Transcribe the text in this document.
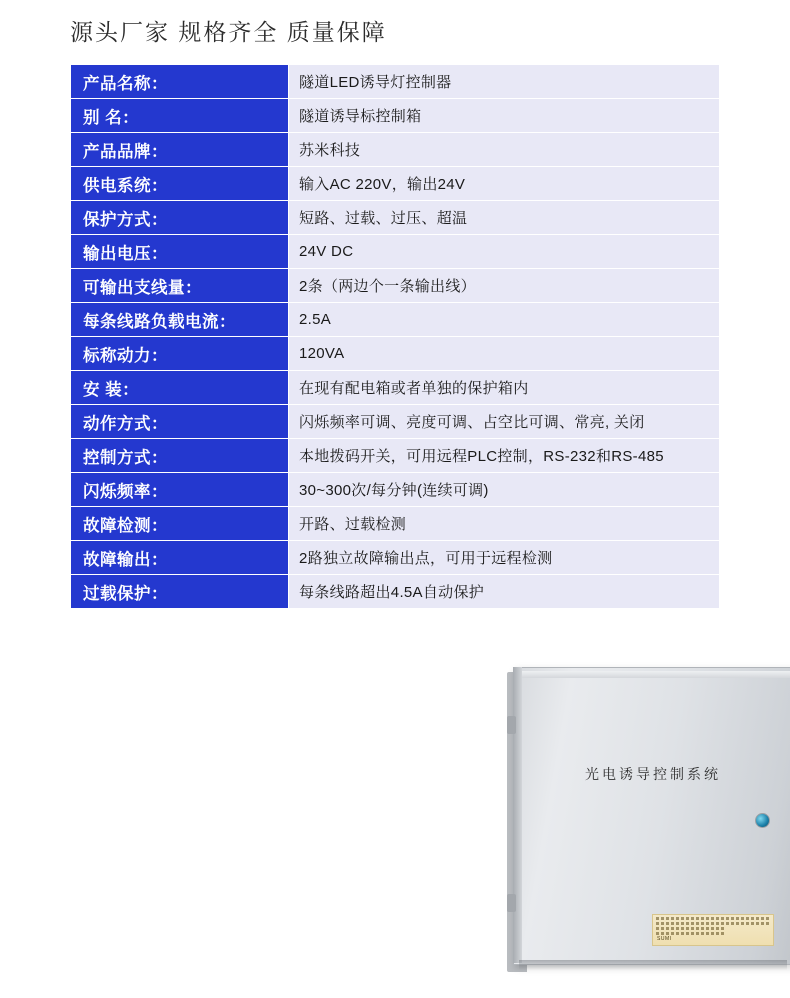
源头厂家 规格齐全 质量保障
产品名称：	隧道LED诱导灯控制器
别 名：	隧道诱导标控制箱
产品品牌：	苏米科技
供电系统：	输入AC 220V，输出24V
保护方式：	短路、过载、过压、超温
输出电压：	24V DC
可输出支线量：	2条（两边个一条输出线）
每条线路负载电流：	2.5A
标称动力：	120VA
安 装：	在现有配电箱或者单独的保护箱内
动作方式：	闪烁频率可调、亮度可调、占空比可调、常亮, 关闭
控制方式：	本地拨码开关，可用远程PLC控制，RS-232和RS-485
闪烁频率：	30~300次/每分钟(连续可调)
故障检测：	开路、过载检测
故障输出：	2路独立故障输出点，可用于远程检测
过载保护：	每条线路超出4.5A自动保护
光电诱导控制系统
SUMI
